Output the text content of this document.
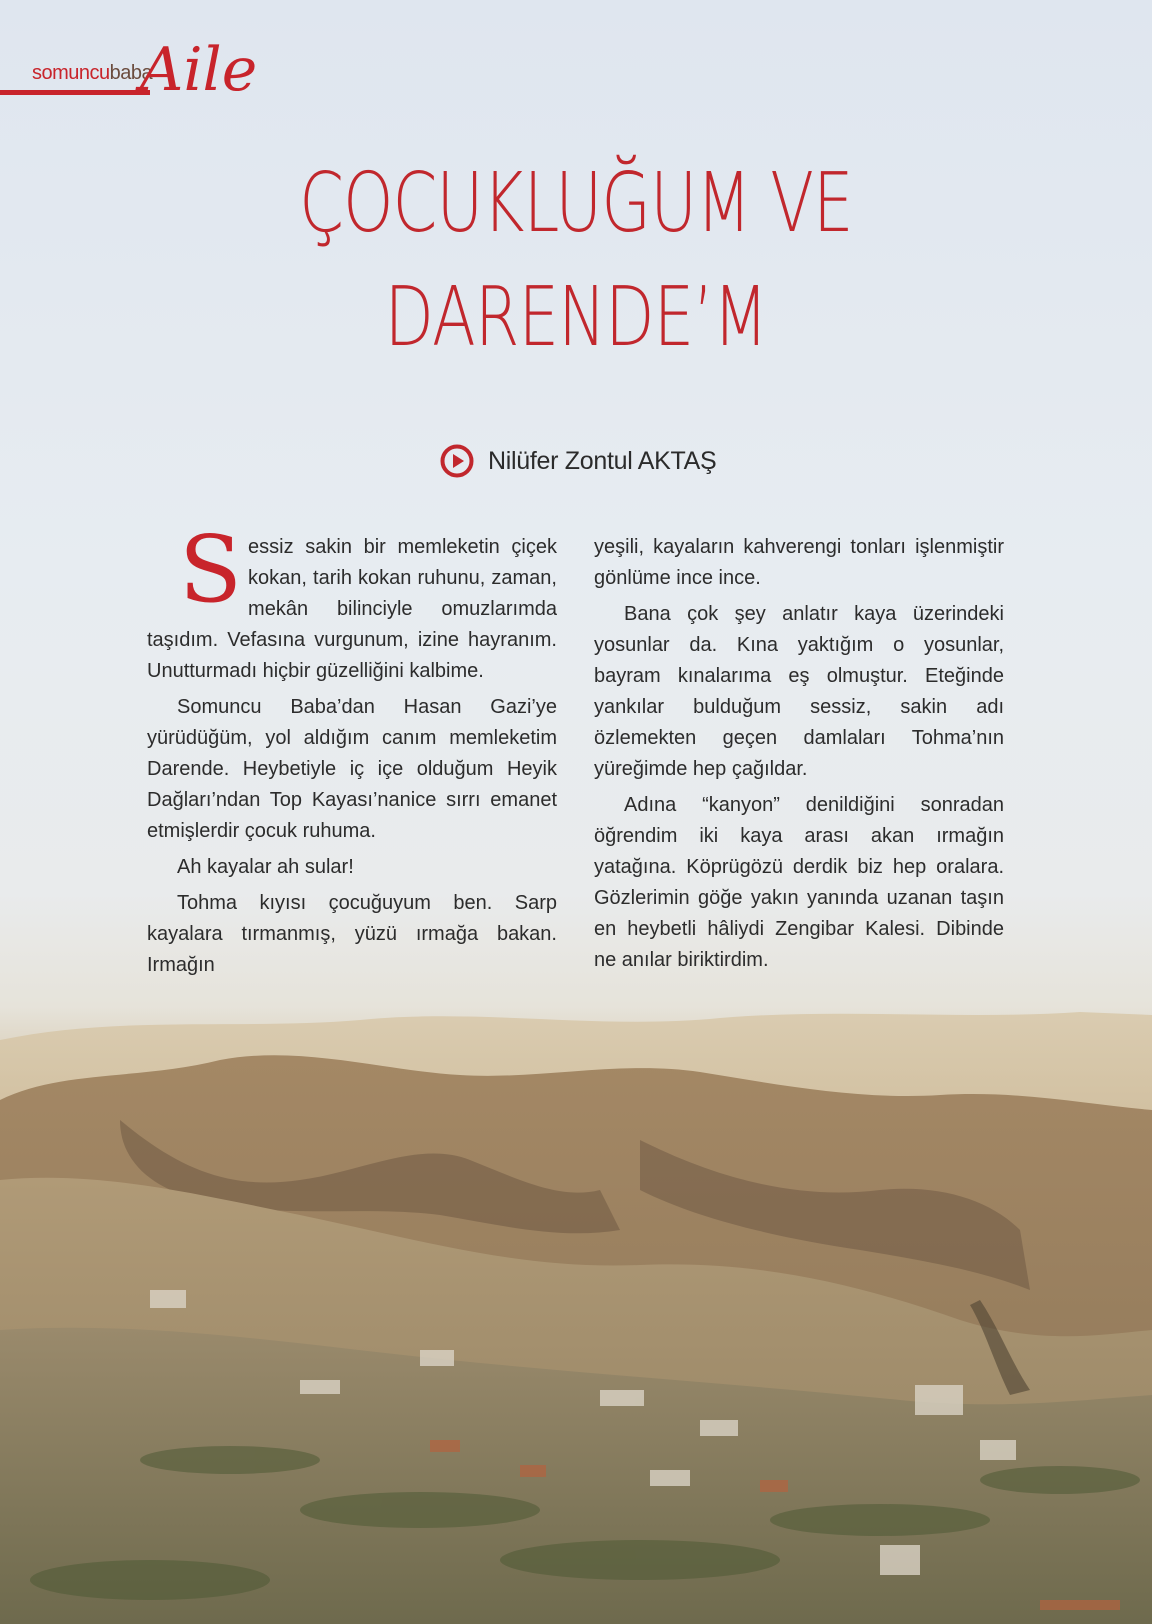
somuncubaba
Aile
ÇOCUKLUĞUM VE
DARENDE’M
Nilüfer Zontul AKTAŞ

Sessiz sakin bir memleketin çiçek kokan, tarih kokan ruhunu, zaman, mekân bilinciyle omuzlarımda taşıdım. Vefasına vurgunum, izine hayranım. Unutturmadı hiçbir güzelliğini kalbime.

Somuncu Baba’dan Hasan Gazi’ye yürüdüğüm, yol aldığım canım memleketim Darende. Heybetiyle iç içe olduğum Heyik Dağları’ndan Top Kayası’nanice sırrı emanet etmişlerdir çocuk ruhuma.

Ah kayalar ah sular!

Tohma kıyısı çocuğuyum ben. Sarp kayalara tırmanmış, yüzü ırmağa bakan. Irmağın

yeşili, kayaların kahverengi tonları işlenmiştir gönlüme ince ince.

Bana çok şey anlatır kaya üzerindeki yosunlar da. Kına yaktığım o yosunlar, bayram kınalarıma eş olmuştur. Eteğinde yankılar bulduğum sessiz, sakin adı özlemekten geçen damlaları Tohma’nın yüreğimde hep çağıldar.

Adına “kanyon” denildiğini sonradan öğrendim iki kaya arası akan ırmağın yatağına. Köprügözü derdik biz hep oralara. Gözlerimin göğe yakın yanında uzanan taşın en heybetli hâliydi Zengibar Kalesi. Dibinde ne anılar biriktirdim.
